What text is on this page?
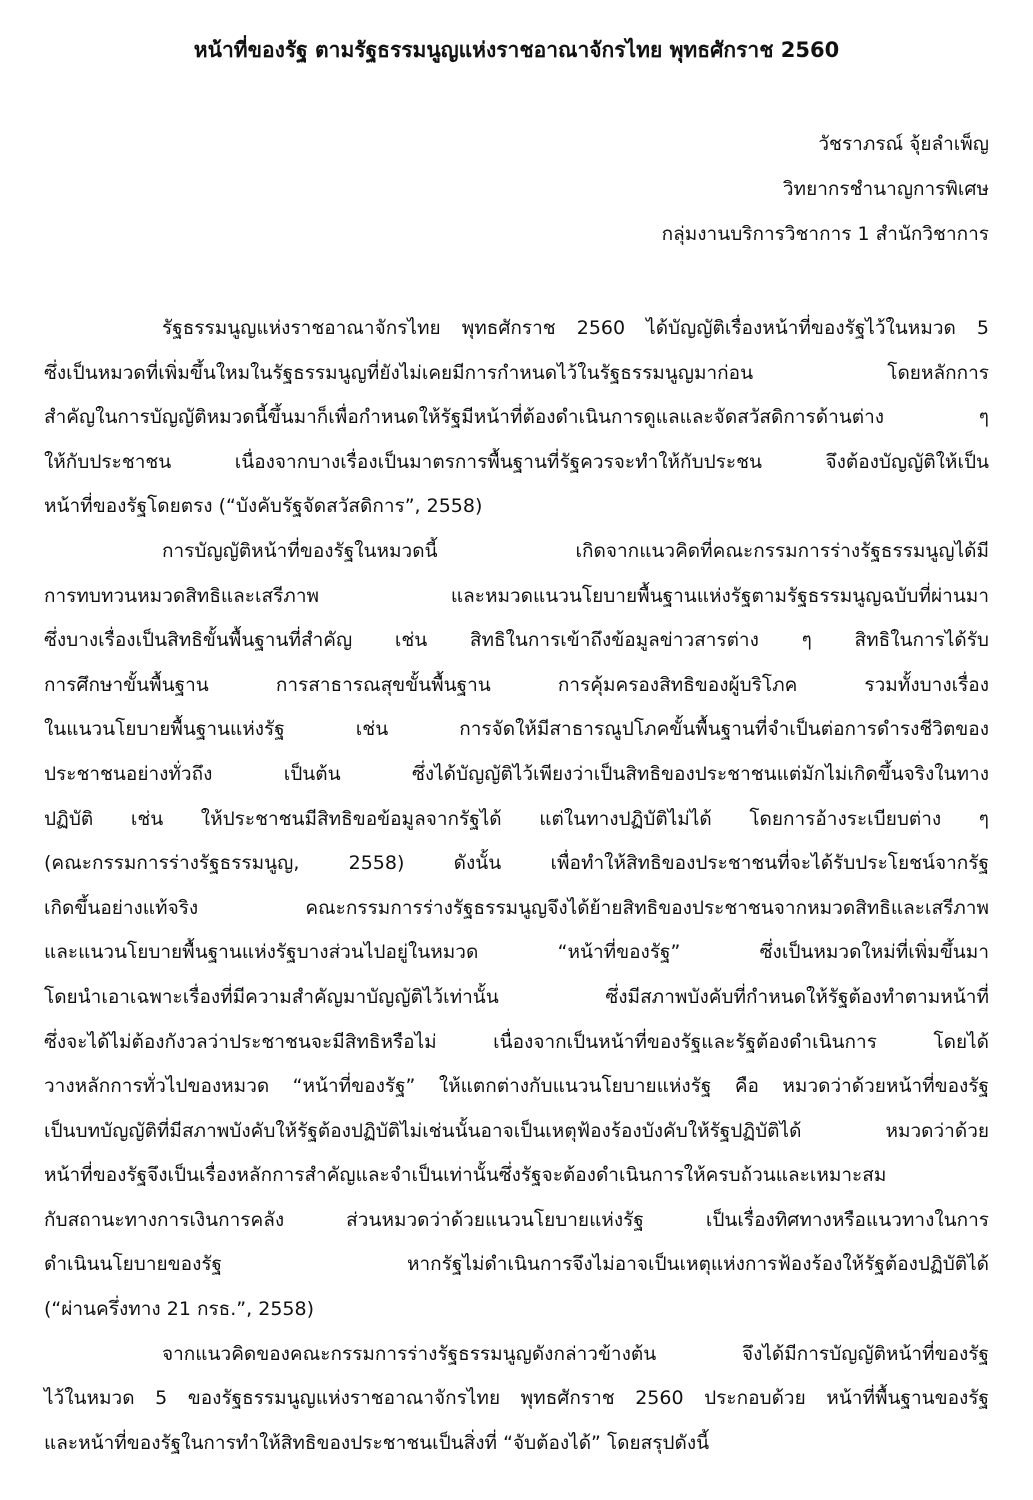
หน้าที่ของรัฐ ตามรัฐธรรมนูญแห่งราชอาณาจักรไทย พุทธศักราช 2560
วัชราภรณ์ จุ้ยลำเพ็ญ
วิทยากรชำนาญการพิเศษ
กลุ่มงานบริการวิชาการ 1 สำนักวิชาการ
รัฐธรรมนูญแห่งราชอาณาจักรไทย พุทธศักราช 2560 ได้บัญญัติเรื่องหน้าที่ของรัฐไว้ในหมวด 5
ซึ่งเป็นหมวดที่เพิ่มขึ้นใหมในรัฐธรรมนูญที่ยังไม่เคยมีการกำหนดไว้ในรัฐธรรมนูญมาก่อน โดยหลักการ
สำคัญในการบัญญัติหมวดนี้ขึ้นมาก็เพื่อกำหนดให้รัฐมีหน้าที่ต้องดำเนินการดูแลและจัดสวัสดิการด้านต่าง ๆ
ให้กับประชาชน เนื่องจากบางเรื่องเป็นมาตรการพื้นฐานที่รัฐควรจะทำให้กับประชน จึงต้องบัญญัติให้เป็น
หน้าที่ของรัฐโดยตรง (“บังคับรัฐจัดสวัสดิการ”, 2558)
การบัญญัติหน้าที่ของรัฐในหมวดนี้ เกิดจากแนวคิดที่คณะกรรมการร่างรัฐธรรมนูญได้มี
การทบทวนหมวดสิทธิและเสรีภาพ และหมวดแนวนโยบายพื้นฐานแห่งรัฐตามรัฐธรรมนูญฉบับที่ผ่านมา
ซึ่งบางเรื่องเป็นสิทธิขั้นพื้นฐานที่สำคัญ เช่น สิทธิในการเข้าถึงข้อมูลข่าวสารต่าง ๆ สิทธิในการได้รับ
การศึกษาขั้นพื้นฐาน การสาธารณสุขขั้นพื้นฐาน การคุ้มครองสิทธิของผู้บริโภค รวมทั้งบางเรื่อง
ในแนวนโยบายพื้นฐานแห่งรัฐ เช่น การจัดให้มีสาธารณูปโภคขั้นพื้นฐานที่จำเป็นต่อการดำรงชีวิตของ
ประชาชนอย่างทั่วถึง เป็นต้น ซึ่งได้บัญญัติไว้เพียงว่าเป็นสิทธิของประชาชนแต่มักไม่เกิดขึ้นจริงในทาง
ปฏิบัติ เช่น ให้ประชาชนมีสิทธิขอข้อมูลจากรัฐได้ แต่ในทางปฏิบัติไม่ได้ โดยการอ้างระเบียบต่าง ๆ
(คณะกรรมการร่างรัฐธรรมนูญ, 2558) ดังนั้น เพื่อทำให้สิทธิของประชาชนที่จะได้รับประโยชน์จากรัฐ
เกิดขึ้นอย่างแท้จริง คณะกรรมการร่างรัฐธรรมนูญจึงได้ย้ายสิทธิของประชาชนจากหมวดสิทธิและเสรีภาพ
และแนวนโยบายพื้นฐานแห่งรัฐบางส่วนไปอยู่ในหมวด “หน้าที่ของรัฐ” ซึ่งเป็นหมวดใหม่ที่เพิ่มขึ้นมา
โดยนำเอาเฉพาะเรื่องที่มีความสำคัญมาบัญญัติไว้เท่านั้น ซึ่งมีสภาพบังคับที่กำหนดให้รัฐต้องทำตามหน้าที่
ซึ่งจะได้ไม่ต้องกังวลว่าประชาชนจะมีสิทธิหรือไม่ เนื่องจากเป็นหน้าที่ของรัฐและรัฐต้องดำเนินการ โดยได้
วางหลักการทั่วไปของหมวด “หน้าที่ของรัฐ” ให้แตกต่างกับแนวนโยบายแห่งรัฐ คือ หมวดว่าด้วยหน้าที่ของรัฐ
เป็นบทบัญญัติที่มีสภาพบังคับให้รัฐต้องปฏิบัติไม่เช่นนั้นอาจเป็นเหตุฟ้องร้องบังคับให้รัฐปฏิบัติได้ หมวดว่าด้วย
หน้าที่ของรัฐจึงเป็นเรื่องหลักการสำคัญและจำเป็นเท่านั้นซึ่งรัฐจะต้องดำเนินการให้ครบถ้วนและเหมาะสม
กับสถานะทางการเงินการคลัง ส่วนหมวดว่าด้วยแนวนโยบายแห่งรัฐ เป็นเรื่องทิศทางหรือแนวทางในการ
ดำเนินนโยบายของรัฐ หากรัฐไม่ดำเนินการจึงไม่อาจเป็นเหตุแห่งการฟ้องร้องให้รัฐต้องปฏิบัติได้
(“ผ่านครึ่งทาง 21 กรธ.”, 2558)
จากแนวคิดของคณะกรรมการร่างรัฐธรรมนูญดังกล่าวข้างต้น จึงได้มีการบัญญัติหน้าที่ของรัฐ
ไว้ในหมวด 5 ของรัฐธรรมนูญแห่งราชอาณาจักรไทย พุทธศักราช 2560 ประกอบด้วย หน้าที่พื้นฐานของรัฐ
และหน้าที่ของรัฐในการทำให้สิทธิของประชาชนเป็นสิ่งที่ “จับต้องได้” โดยสรุปดังนี้
